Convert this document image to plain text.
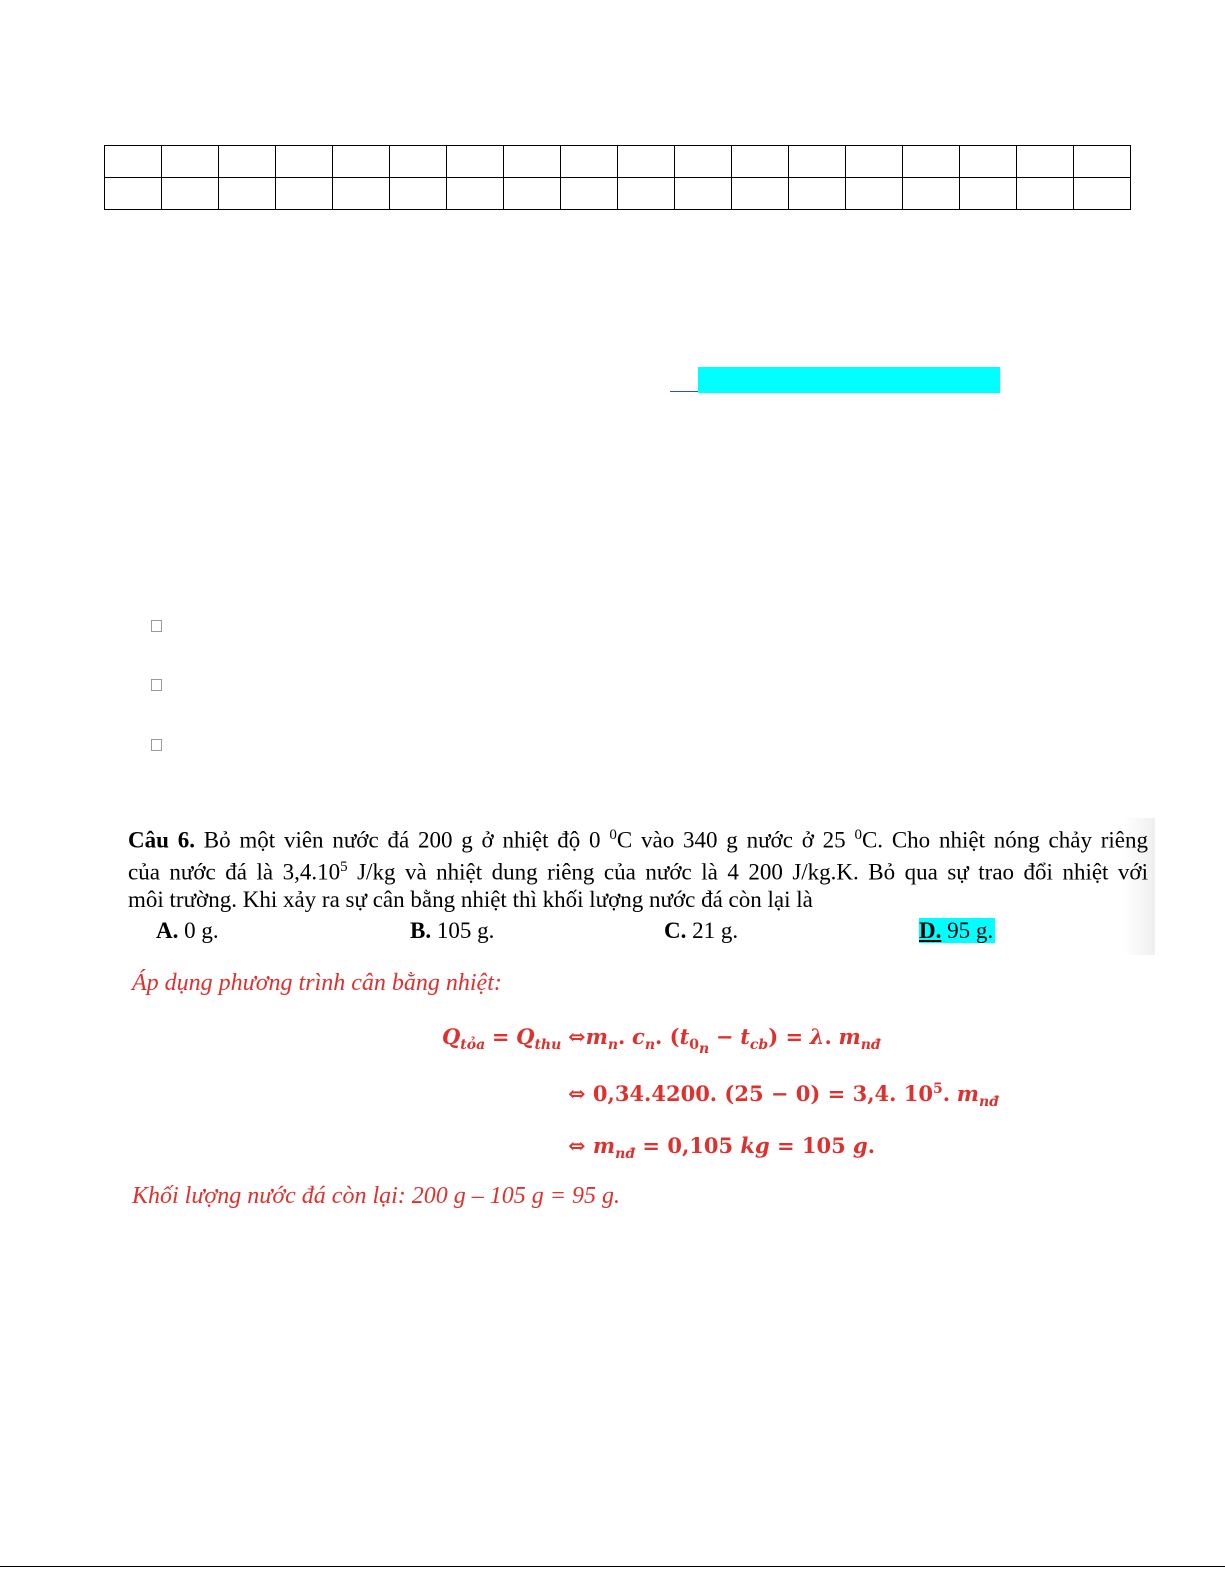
Câu 6. Bỏ một viên nước đá 200 g ở nhiệt độ 0 $^0$C vào 340 g nước ở 25 $^0$C. Cho nhiệt nóng chảy riêng
của nước đá là 3,4.10$^5$ J/kg và nhiệt dung riêng của nước là 4 200 J/kg.K. Bỏ qua sự trao đổi nhiệt với
môi trường. Khi xảy ra sự cân bằng nhiệt thì khối lượng nước đá còn lại là
A. 0 g.	B. 105 g.	C. 21 g.	D. 95 g.
Áp dụng phương trình cân bằng nhiệt:
$Q_{tỏa} = Q_{thu}$ $\Leftrightarrow m_n$. $c_n$. $(t_{0_n} - t_{cb}) = \lambda$. $m_{nđ}$
⇔ 0,34.4200. (25 − 0) = 3,4. $10^5$. $m_{nđ}$
⇔ $m_{nđ} = 0,105$ kg = 105 g.
Khối lượng nước đá còn lại: 200 g – 105 g = 95 g.
